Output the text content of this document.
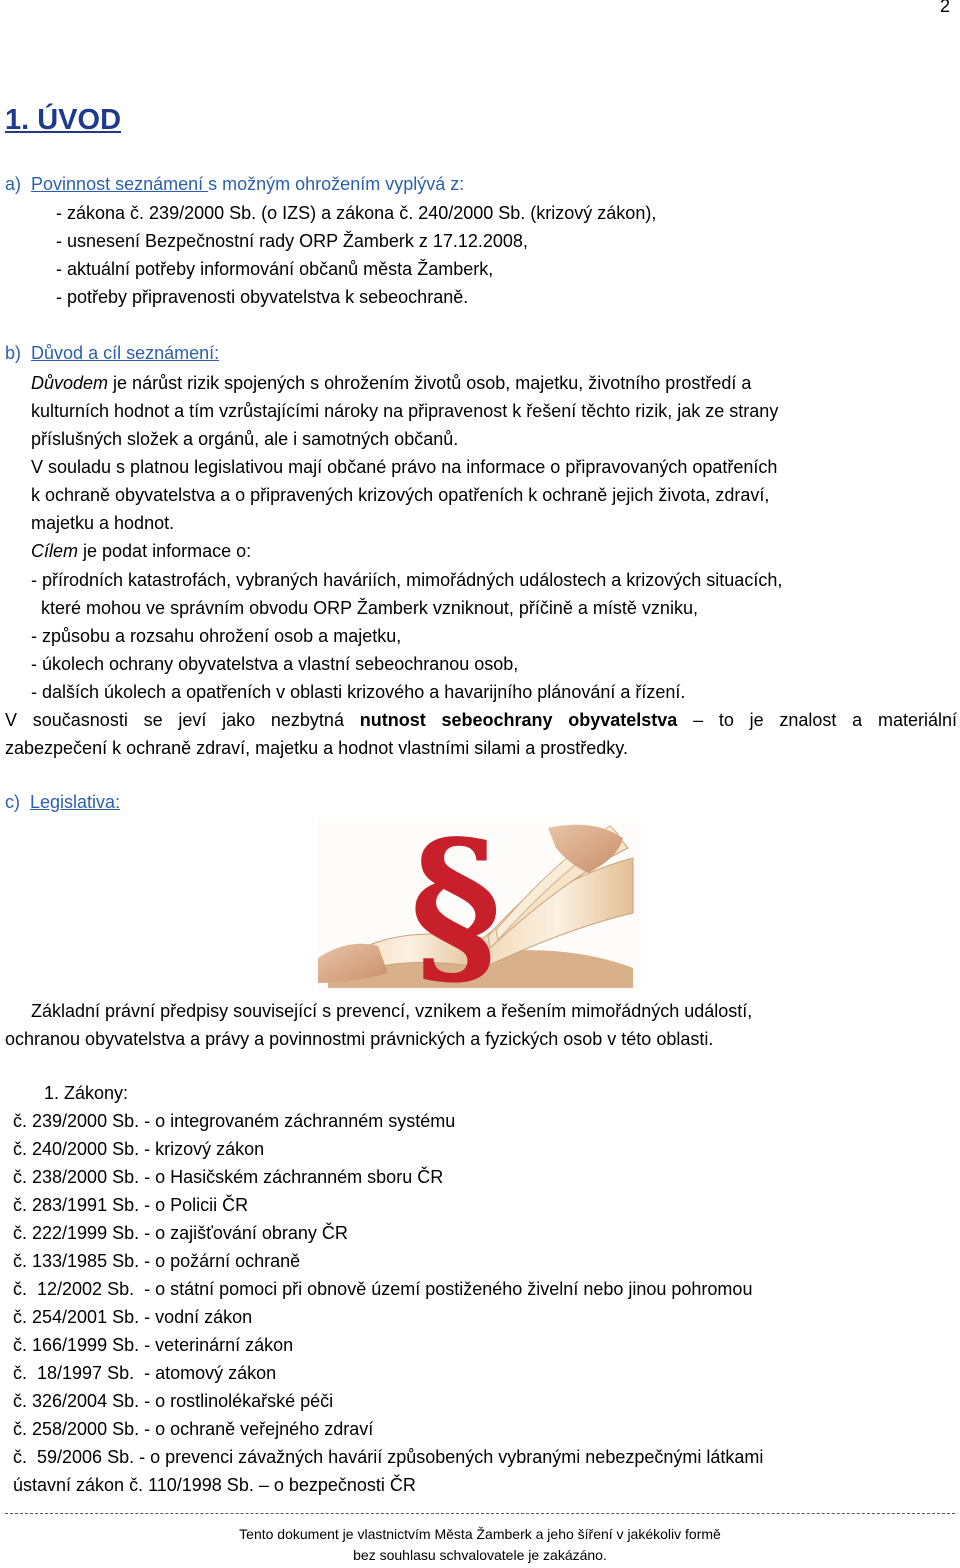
2
1. ÚVOD
a) Povinnost seznámení s možným ohrožením vyplývá z:
- zákona č. 239/2000 Sb. (o IZS) a zákona č. 240/2000 Sb. (krizový zákon),
- usnesení Bezpečnostní rady ORP Žamberk z 17.12.2008,
- aktuální potřeby informování občanů města Žamberk,
- potřeby připravenosti obyvatelstva k sebeochraně.
b) Důvod a cíl seznámení:
Důvodem je nárůst rizik spojených s ohrožením životů osob, majetku, životního prostředí a
kulturních hodnot a tím vzrůstajícími nároky na připravenost k řešení těchto rizik, jak ze strany
příslušných složek a orgánů, ale i samotných občanů.
V souladu s platnou legislativou mají občané právo na informace o připravovaných opatřeních
k ochraně obyvatelstva a o připravených krizových opatřeních k ochraně jejich života, zdraví,
majetku a hodnot.
Cílem je podat informace o:
- přírodních katastrofách, vybraných haváriích, mimořádných událostech a krizových situacích,
které mohou ve správním obvodu ORP Žamberk vzniknout, příčině a místě vzniku,
- způsobu a rozsahu ohrožení osob a majetku,
- úkolech ochrany obyvatelstva a vlastní sebeochranou osob,
- dalších úkolech a opatřeních v oblasti krizového a havarijního plánování a řízení.
V současnosti se jeví jako nezbytná nutnost sebeochrany obyvatelstva – to je znalost a materiální
zabezpečení k ochraně zdraví, majetku a hodnot vlastními silami a prostředky.
c) Legislativa:
§
Základní právní předpisy související s prevencí, vznikem a řešením mimořádných událostí,
ochranou obyvatelstva a právy a povinnostmi právnických a fyzických osob v této oblasti.
1. Zákony:
č. 239/2000 Sb. - o integrovaném záchranném systému
č. 240/2000 Sb. - krizový zákon
č. 238/2000 Sb. - o Hasičském záchranném sboru ČR
č. 283/1991 Sb. - o Policii ČR
č. 222/1999 Sb. - o zajišťování obrany ČR
č. 133/1985 Sb. - o požární ochraně
č.  12/2002 Sb.  - o státní pomoci při obnově území postiženého živelní nebo jinou pohromou
č. 254/2001 Sb. - vodní zákon
č. 166/1999 Sb. - veterinární zákon
č.  18/1997 Sb.  - atomový zákon
č. 326/2004 Sb. - o rostlinolékařské péči
č. 258/2000 Sb. - o ochraně veřejného zdraví
č.  59/2006 Sb. - o prevenci závažných havárií způsobených vybranými nebezpečnými látkami
ústavní zákon č. 110/1998 Sb. – o bezpečnosti ČR
Tento dokument je vlastnictvím Města Žamberk a jeho šíření v jakékoliv formě
bez souhlasu schvalovatele je zakázáno.
